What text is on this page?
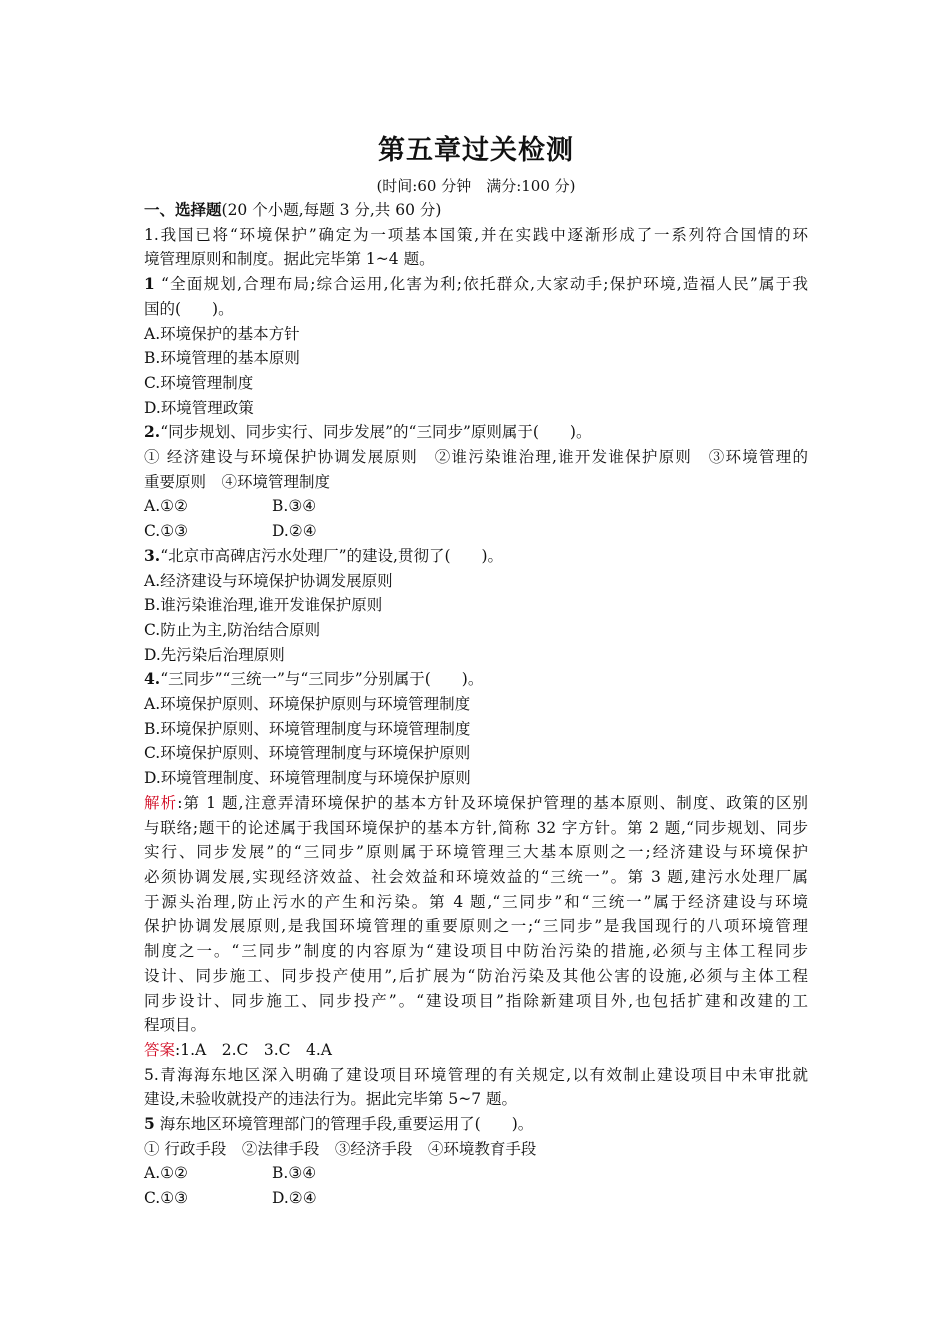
第五章过关检测
(时间:60 分钟　满分:100 分)
一、选择题(20 个小题,每题 3 分,共 60 分)
1.我国已将“环境保护”确定为一项基本国策,并在实践中逐渐形成了一系列符合国情的环
境管理原则和制度。据此完毕第 1~4 题。
1 “全面规划,合理布局;综合运用,化害为利;依托群众,大家动手;保护环境,造福人民”属于我
国的(　　)。
A.环境保护的基本方针
B.环境管理的基本原则
C.环境管理制度
D.环境管理政策
2.“同步规划、同步实行、同步发展”的“三同步”原则属于(　　)。
① 经济建设与环境保护协调发展原则　②谁污染谁治理,谁开发谁保护原则　③环境管理的
重要原则　④环境管理制度
A.①②	B.③④
C.①③	D.②④
3.“北京市高碑店污水处理厂”的建设,贯彻了(　　)。
A.经济建设与环境保护协调发展原则
B.谁污染谁治理,谁开发谁保护原则
C.防止为主,防治结合原则
D.先污染后治理原则
4.“三同步”“三统一”与“三同步”分别属于(　　)。
A.环境保护原则、环境保护原则与环境管理制度
B.环境保护原则、环境管理制度与环境管理制度
C.环境保护原则、环境管理制度与环境保护原则
D.环境管理制度、环境管理制度与环境保护原则
解析:第 1 题,注意弄清环境保护的基本方针及环境保护管理的基本原则、制度、政策的区别
与联络;题干的论述属于我国环境保护的基本方针,简称 32 字方针。第 2 题,“同步规划、同步
实行、同步发展”的“三同步”原则属于环境管理三大基本原则之一;经济建设与环境保护
必须协调发展,实现经济效益、社会效益和环境效益的“三统一”。第 3 题,建污水处理厂属
于源头治理,防止污水的产生和污染。第 4 题,“三同步”和“三统一”属于经济建设与环境
保护协调发展原则,是我国环境管理的重要原则之一;“三同步”是我国现行的八项环境管理
制度之一。“三同步”制度的内容原为“建设项目中防治污染的措施,必须与主体工程同步
设计、同步施工、同步投产使用”,后扩展为“防治污染及其他公害的设施,必须与主体工程
同步设计、同步施工、同步投产”。“建设项目”指除新建项目外,也包括扩建和改建的工
程项目。
答案:1.A　2.C　3.C　4.A
5.青海海东地区深入明确了建设项目环境管理的有关规定,以有效制止建设项目中未审批就
建设,未验收就投产的违法行为。据此完毕第 5~7 题。
5 海东地区环境管理部门的管理手段,重要运用了(　　)。
① 行政手段　②法律手段　③经济手段　④环境教育手段
A.①②	B.③④
C.①③	D.②④
